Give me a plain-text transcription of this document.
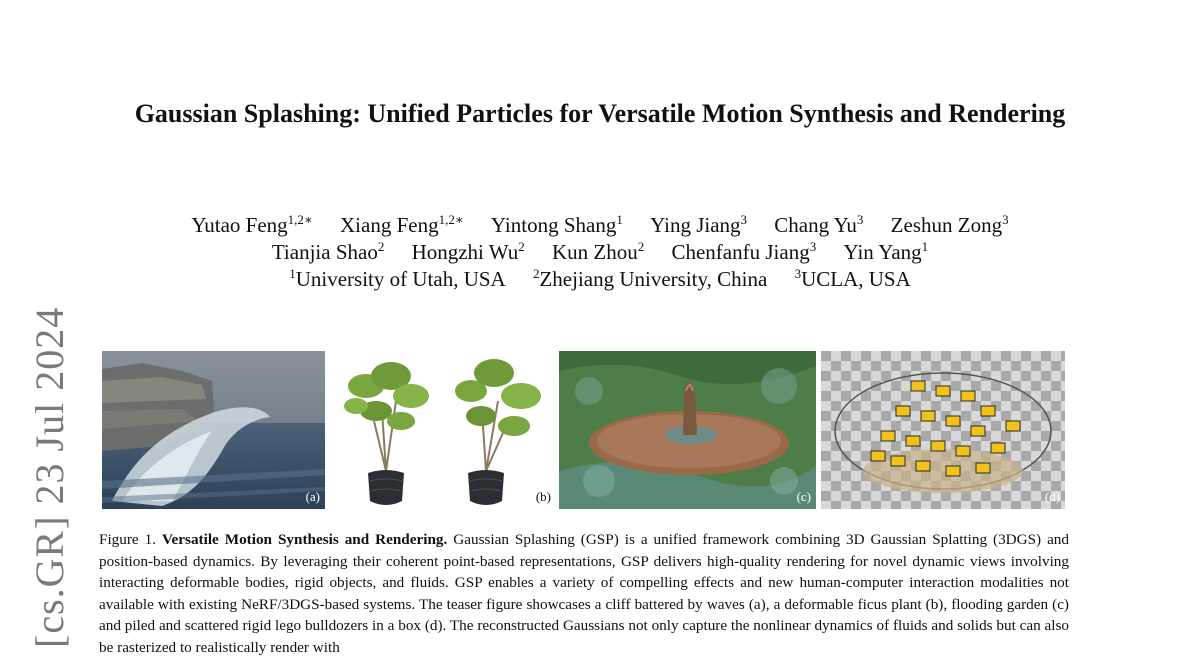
Gaussian Splashing: Unified Particles for Versatile Motion Synthesis and Rendering
Yutao Feng$^{1,2∗}$ Xiang Feng$^{1,2∗}$ Yintong Shang$^1$ Ying Jiang$^3$ Chang Yu$^3$ Zeshun Zong$^3$
Tianjia Shao$^2$ Hongzhi Wu$^2$ Kun Zhou$^2$ Chenfanfu Jiang$^3$ Yin Yang$^1$
$^1$University of Utah, USA $^2$Zhejiang University, China $^3$UCLA, USA
[cs.GR] 23 Jul 2024	(a)	(b)	(c)	(d)
Figure 1. Versatile Motion Synthesis and Rendering. Gaussian Splashing (GSP) is a unified framework combining 3D Gaussian Splatting (3DGS) and position-based dynamics. By leveraging their coherent point-based representations, GSP delivers high-quality rendering for novel dynamic views involving interacting deformable bodies, rigid objects, and fluids. GSP enables a variety of compelling effects and new human-computer interaction modalities not available with existing NeRF/3DGS-based systems. The teaser figure showcases a cliff battered by waves (a), a deformable ficus plant (b), flooding garden (c) and piled and scattered rigid lego bulldozers in a box (d). The reconstructed Gaussians not only capture the nonlinear dynamics of fluids and solids but can also be rasterized to realistically render with
